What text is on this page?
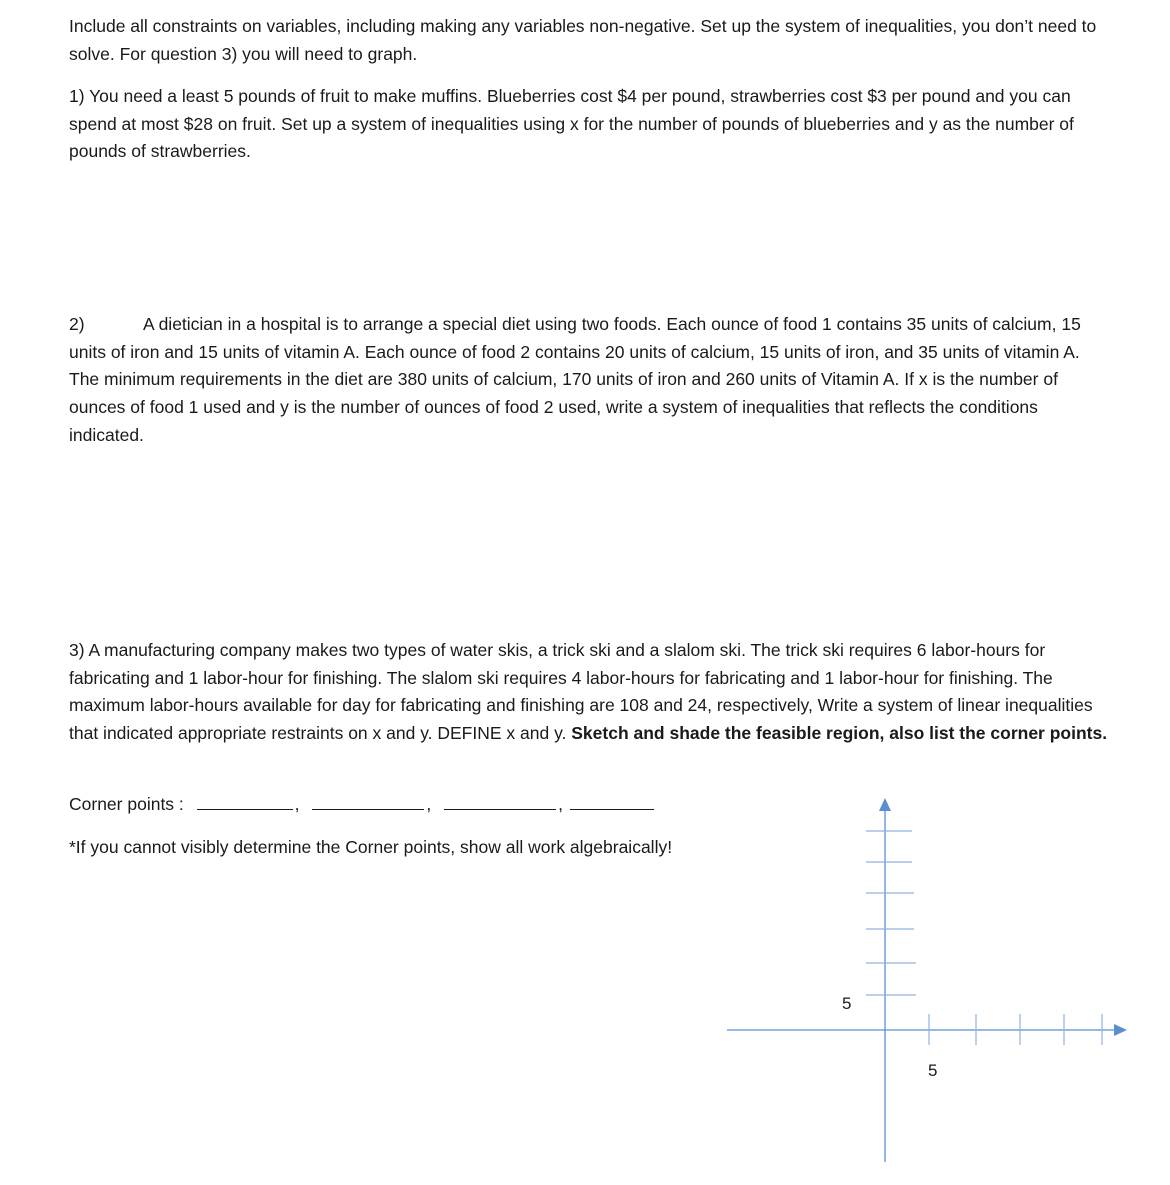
Include all constraints on variables, including making any variables non-negative. Set up the system of inequalities, you don’t need to solve. For question 3) you will need to graph.

1) You need a least 5 pounds of fruit to make muffins. Blueberries cost $4 per pound, strawberries cost $3 per pound and you can spend at most $28 on fruit. Set up a system of inequalities using x for the number of pounds of blueberries and y as the number of pounds of strawberries.

2)	A dietician in a hospital is to arrange a special diet using two foods. Each ounce of food 1 contains 35 units of calcium, 15 units of iron and 15 units of vitamin A. Each ounce of food 2 contains 20 units of calcium, 15 units of iron, and 35 units of vitamin A. The minimum requirements in the diet are 380 units of calcium, 170 units of iron and 260 units of Vitamin A. If x is the number of ounces of food 1 used and y is the number of ounces of food 2 used, write a system of inequalities that reflects the conditions indicated.

3) A manufacturing company makes two types of water skis, a trick ski and a slalom ski. The trick ski requires 6 labor-hours for fabricating and 1 labor-hour for finishing. The slalom ski requires 4 labor-hours for fabricating and 1 labor-hour for finishing. The maximum labor-hours available for day for fabricating and finishing are 108 and 24, respectively, Write a system of linear inequalities that indicated appropriate restraints on x and y. DEFINE x and y. Sketch and shade the feasible region, also list the corner points.

Corner points :	,	,	,
*If you cannot visibly determine the Corner points, show all work algebraically!
5
5
